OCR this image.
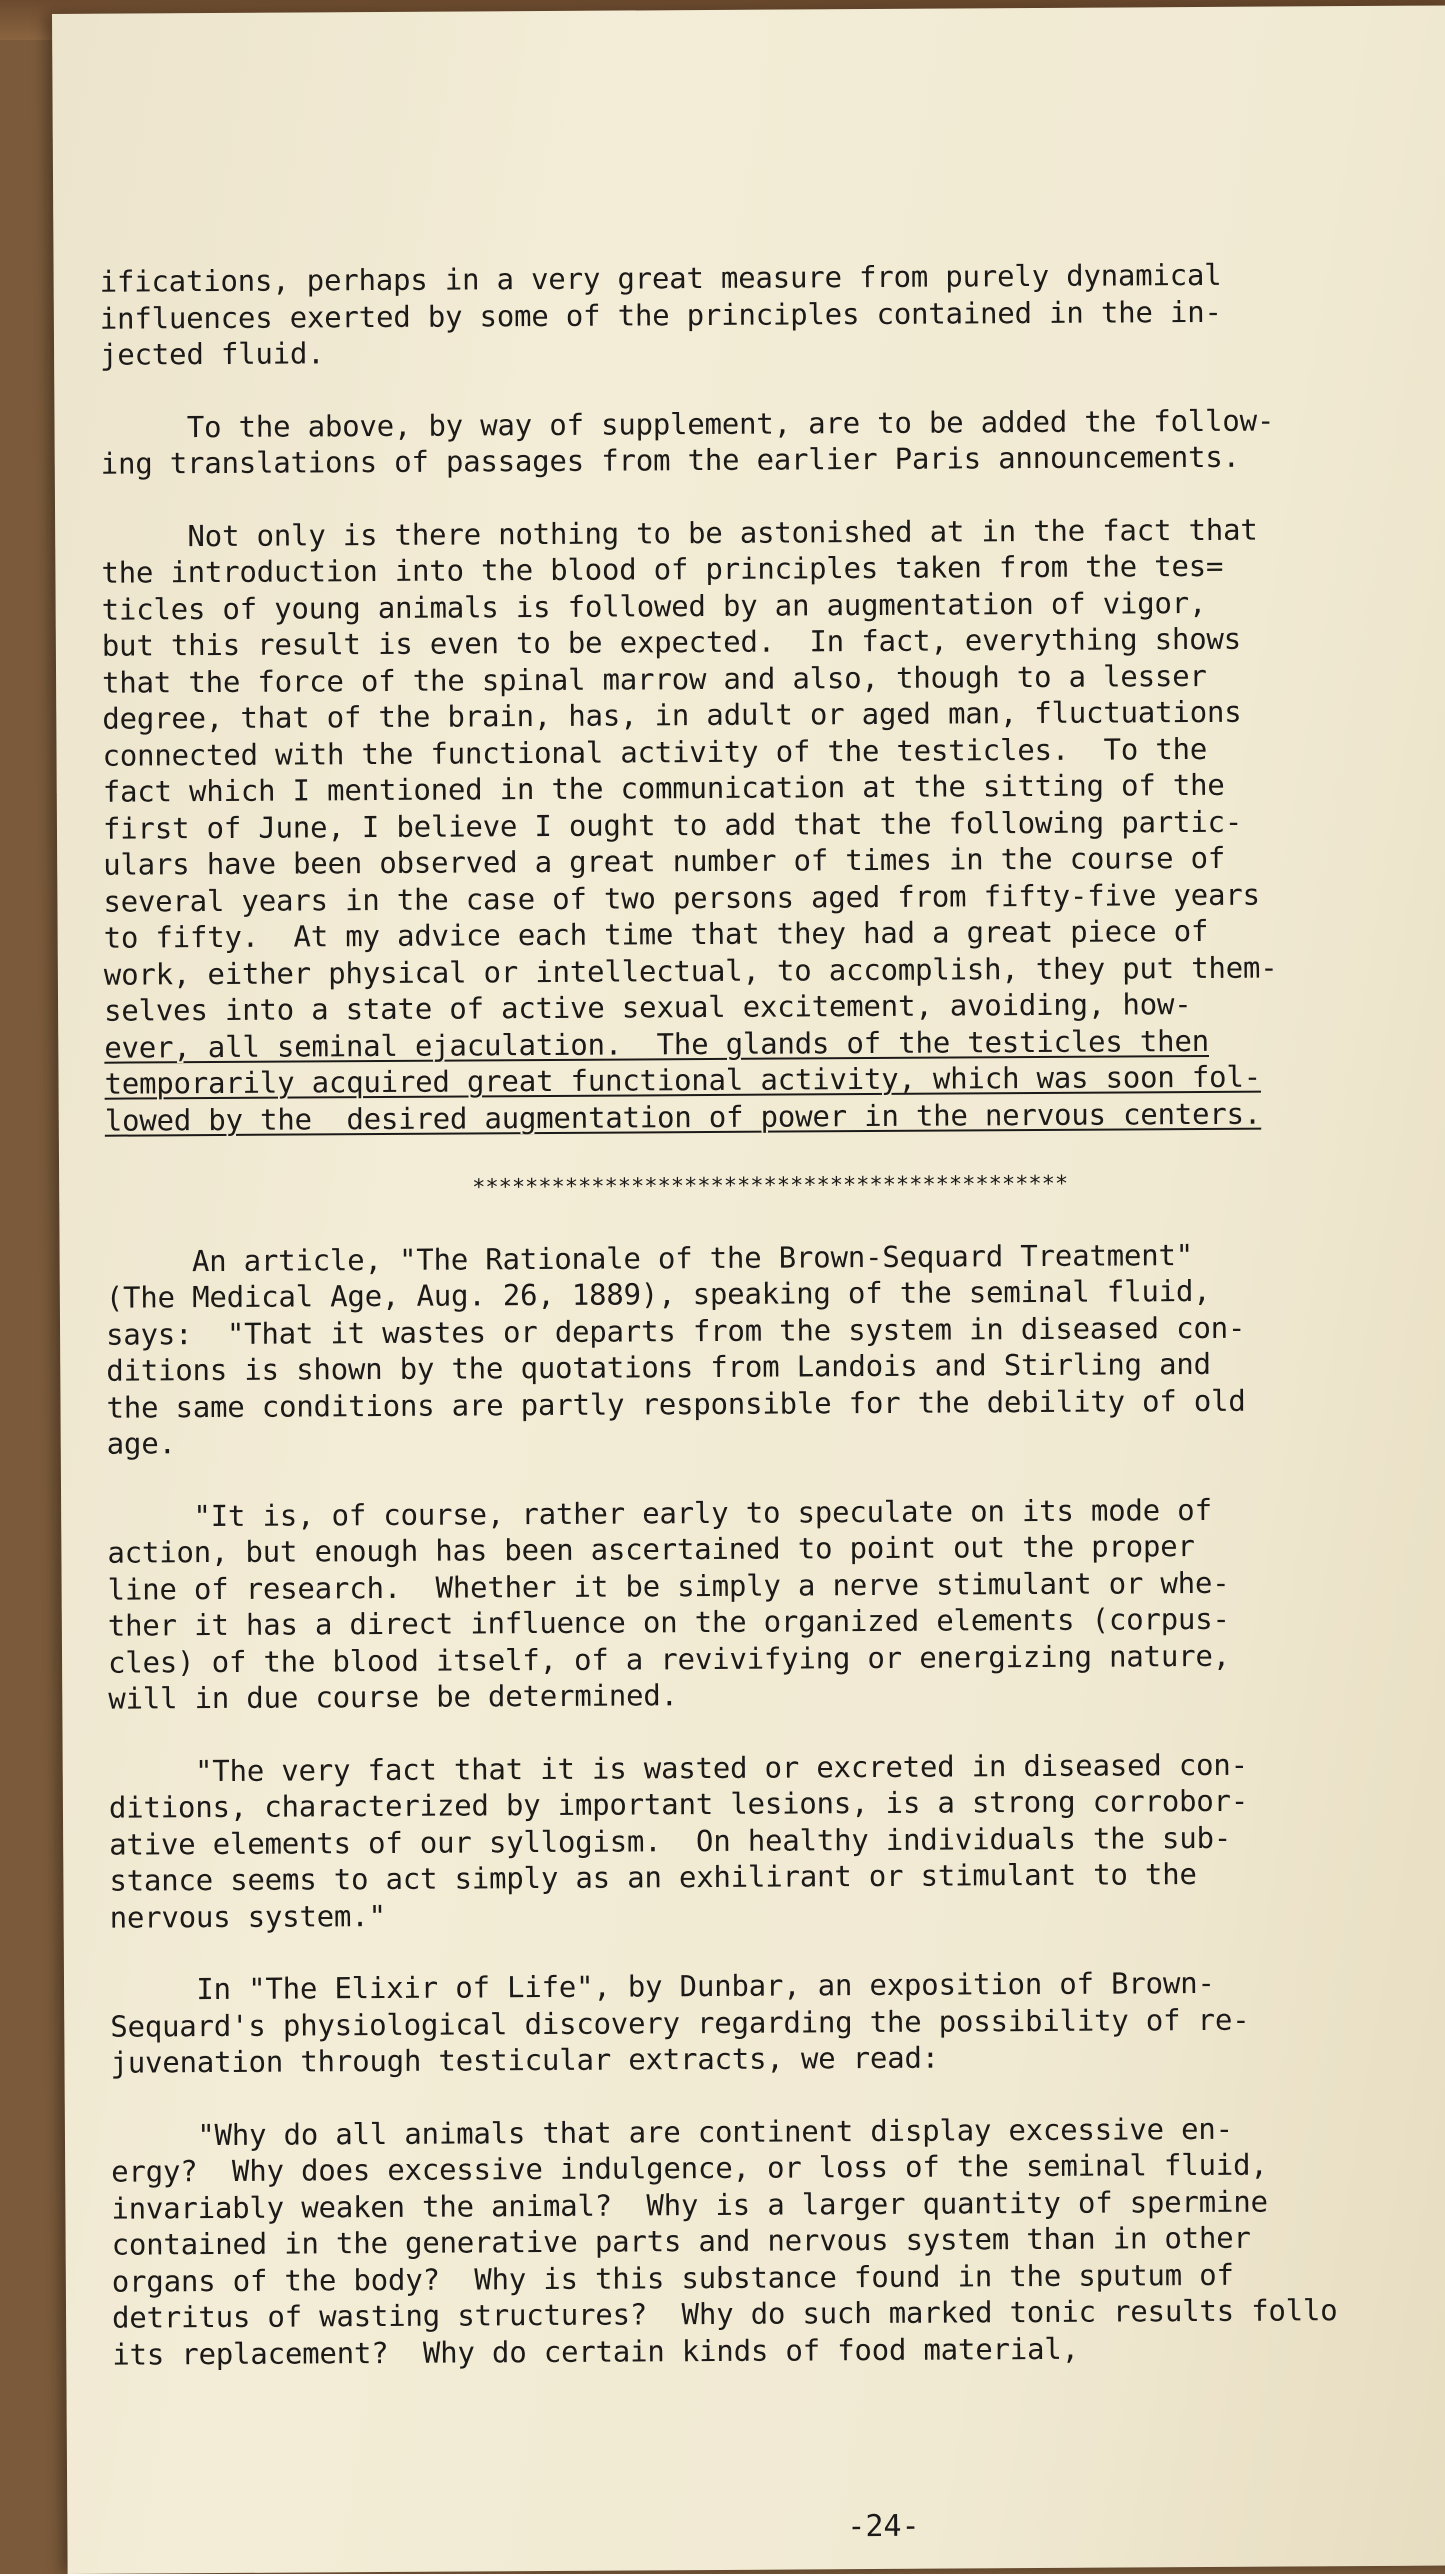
ifications, perhaps in a very great measure from purely dynamical
influences exerted by some of the principles contained in the in-
jected fluid.

To the above, by way of supplement, are to be added the follow-
ing translations of passages from the earlier Paris announcements.

Not only is there nothing to be astonished at in the fact that
the introduction into the blood of principles taken from the tes=
ticles of young animals is followed by an augmentation of vigor,
but this result is even to be expected.  In fact, everything shows
that the force of the spinal marrow and also, though to a lesser
degree, that of the brain, has, in adult or aged man, fluctuations
connected with the functional activity of the testicles.  To the
fact which I mentioned in the communication at the sitting of the
first of June, I believe I ought to add that the following partic-
ulars have been observed a great number of times in the course of
several years in the case of two persons aged from fifty-five years
to fifty.  At my advice each time that they had a great piece of
work, either physical or intellectual, to accomplish, they put them-
selves into a state of active sexual excitement, avoiding, how-
ever, all seminal ejaculation.  The glands of the testicles then
temporarily acquired great functional activity, which was soon fol-
lowed by the  desired augmentation of power in the nervous centers.

*********************************************

An article, "The Rationale of the Brown-Sequard Treatment"
(The Medical Age, Aug. 26, 1889), speaking of the seminal fluid,
says:  "That it wastes or departs from the system in diseased con-
ditions is shown by the quotations from Landois and Stirling and
the same conditions are partly responsible for the debility of old
age.

"It is, of course, rather early to speculate on its mode of
action, but enough has been ascertained to point out the proper
line of research.  Whether it be simply a nerve stimulant or whe-
ther it has a direct influence on the organized elements (corpus-
cles) of the blood itself, of a revivifying or energizing nature,
will in due course be determined.

"The very fact that it is wasted or excreted in diseased con-
ditions, characterized by important lesions, is a strong corrobor-
ative elements of our syllogism.  On healthy individuals the sub-
stance seems to act simply as an exhilirant or stimulant to the
nervous system."

In "The Elixir of Life", by Dunbar, an exposition of Brown-
Sequard's physiological discovery regarding the possibility of re-
juvenation through testicular extracts, we read:

"Why do all animals that are continent display excessive en-
ergy?  Why does excessive indulgence, or loss of the seminal fluid,
invariably weaken the animal?  Why is a larger quantity of spermine
contained in the generative parts and nervous system than in other
organs of the body?  Why is this substance found in the sputum of
detritus of wasting structures?  Why do such marked tonic results follo
its replacement?  Why do certain kinds of food material,

-24-
